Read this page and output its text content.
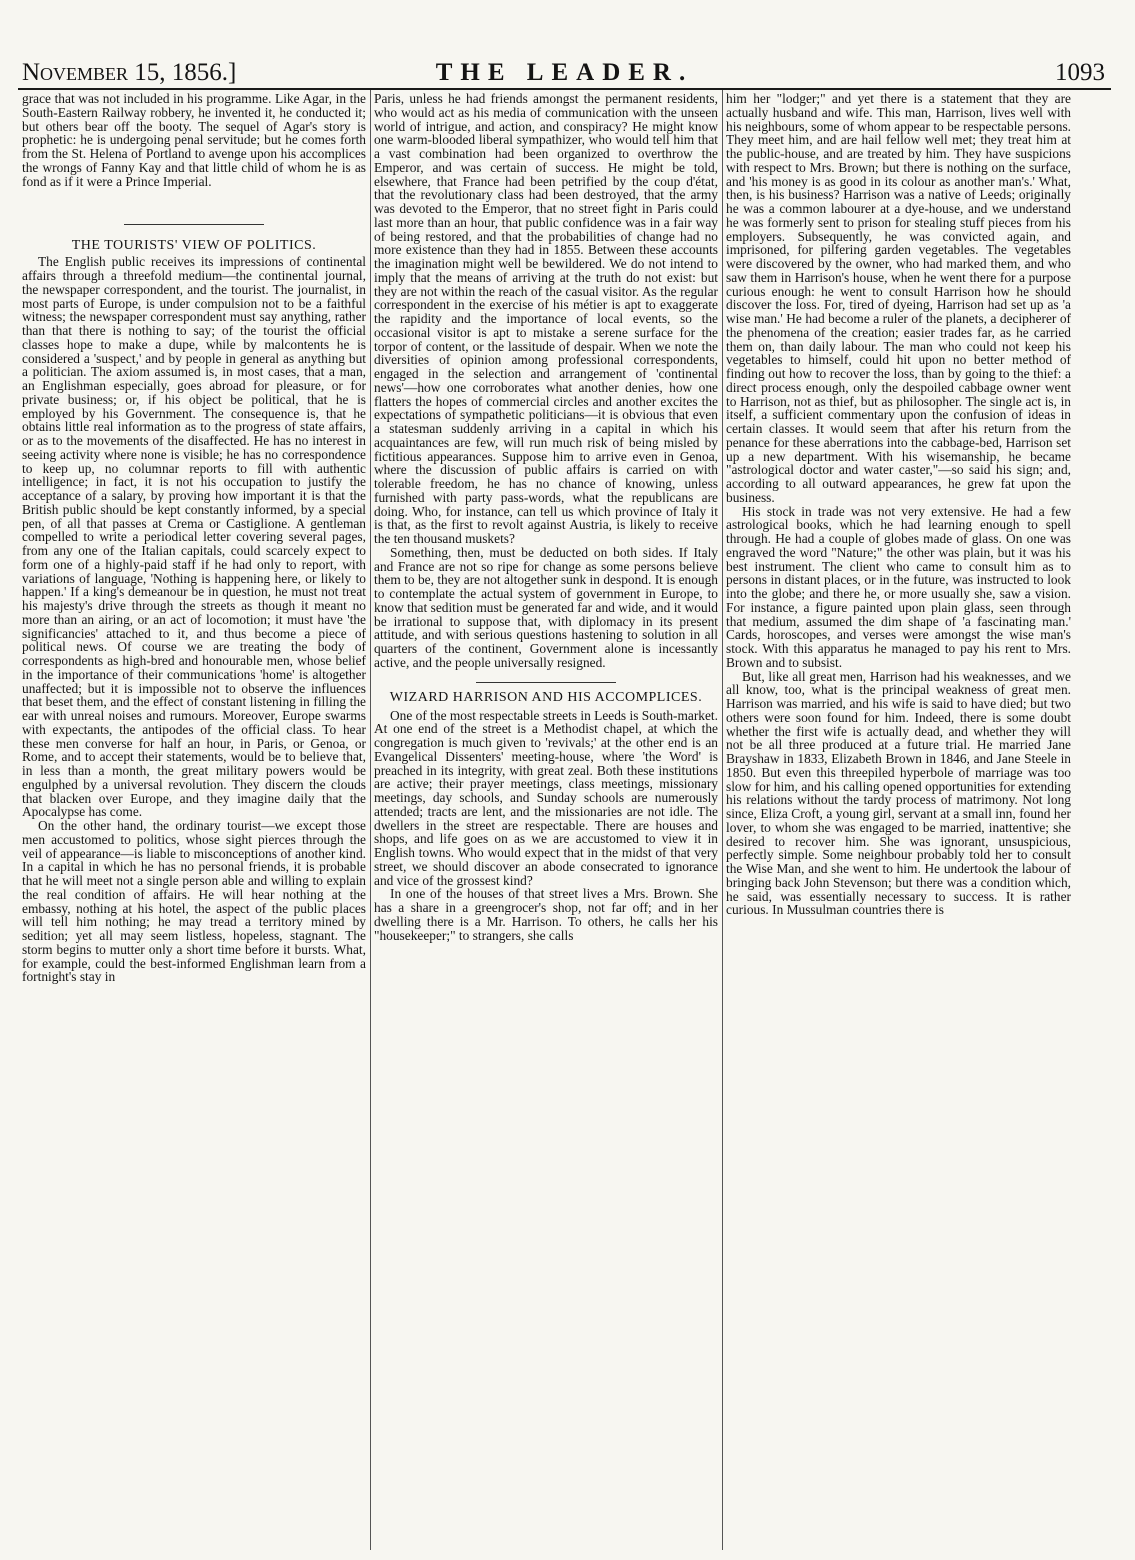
November 15, 1856.]	THE LEADER.	1093

grace that was not included in his programme. Like Agar, in the South-Eastern Railway robbery, he invented it, he conducted it; but others bear off the booty. The sequel of Agar's story is prophetic: he is undergoing penal servitude; but he comes forth from the St. Helena of Portland to avenge upon his accomplices the wrongs of Fanny Kay and that little child of whom he is as fond as if it were a Prince Imperial.

THE TOURISTS' VIEW OF POLITICS.

The English public receives its impressions of continental affairs through a threefold medium—the continental journal, the newspaper correspondent, and the tourist. The journalist, in most parts of Europe, is under compulsion not to be a faithful witness; the newspaper correspondent must say anything, rather than that there is nothing to say; of the tourist the official classes hope to make a dupe, while by malcontents he is considered a 'suspect,' and by people in general as anything but a politician. The axiom assumed is, in most cases, that a man, an Englishman especially, goes abroad for pleasure, or for private business; or, if his object be political, that he is employed by his Government. The consequence is, that he obtains little real information as to the progress of state affairs, or as to the movements of the disaffected. He has no interest in seeing activity where none is visible; he has no correspondence to keep up, no columnar reports to fill with authentic intelligence; in fact, it is not his occupation to justify the acceptance of a salary, by proving how important it is that the British public should be kept constantly informed, by a special pen, of all that passes at Crema or Castiglione. A gentleman compelled to write a periodical letter covering several pages, from any one of the Italian capitals, could scarcely expect to form one of a highly-paid staff if he had only to report, with variations of language, 'Nothing is happening here, or likely to happen.' If a king's demeanour be in question, he must not treat his majesty's drive through the streets as though it meant no more than an airing, or an act of locomotion; it must have 'the significancies' attached to it, and thus become a piece of political news. Of course we are treating the body of correspondents as high-bred and honourable men, whose belief in the importance of their communications 'home' is altogether unaffected; but it is impossible not to observe the influences that beset them, and the effect of constant listening in filling the ear with unreal noises and rumours. Moreover, Europe swarms with expectants, the antipodes of the official class. To hear these men converse for half an hour, in Paris, or Genoa, or Rome, and to accept their statements, would be to believe that, in less than a month, the great military powers would be engulphed by a universal revolution. They discern the clouds that blacken over Europe, and they imagine daily that the Apocalypse has come.

On the other hand, the ordinary tourist—we except those men accustomed to politics, whose sight pierces through the veil of appearance—is liable to misconceptions of another kind. In a capital in which he has no personal friends, it is probable that he will meet not a single person able and willing to explain the real condition of affairs. He will hear nothing at the embassy, nothing at his hotel, the aspect of the public places will tell him nothing; he may tread a territory mined by sedition; yet all may seem listless, hopeless, stagnant. The storm begins to mutter only a short time before it bursts. What, for example, could the best-informed Englishman learn from a fortnight's stay in

Paris, unless he had friends amongst the permanent residents, who would act as his media of communication with the unseen world of intrigue, and action, and conspiracy? He might know one warm-blooded liberal sympathizer, who would tell him that a vast combination had been organized to overthrow the Emperor, and was certain of success. He might be told, elsewhere, that France had been petrified by the coup d'état, that the revolutionary class had been destroyed, that the army was devoted to the Emperor, that no street fight in Paris could last more than an hour, that public confidence was in a fair way of being restored, and that the probabilities of change had no more existence than they had in 1855. Between these accounts the imagination might well be bewildered. We do not intend to imply that the means of arriving at the truth do not exist: but they are not within the reach of the casual visitor. As the regular correspondent in the exercise of his métier is apt to exaggerate the rapidity and the importance of local events, so the occasional visitor is apt to mistake a serene surface for the torpor of content, or the lassitude of despair. When we note the diversities of opinion among professional correspondents, engaged in the selection and arrangement of 'continental news'—how one corroborates what another denies, how one flatters the hopes of commercial circles and another excites the expectations of sympathetic politicians—it is obvious that even a statesman suddenly arriving in a capital in which his acquaintances are few, will run much risk of being misled by fictitious appearances. Suppose him to arrive even in Genoa, where the discussion of public affairs is carried on with tolerable freedom, he has no chance of knowing, unless furnished with party pass-words, what the republicans are doing. Who, for instance, can tell us which province of Italy it is that, as the first to revolt against Austria, is likely to receive the ten thousand muskets?

Something, then, must be deducted on both sides. If Italy and France are not so ripe for change as some persons believe them to be, they are not altogether sunk in despond. It is enough to contemplate the actual system of government in Europe, to know that sedition must be generated far and wide, and it would be irrational to suppose that, with diplomacy in its present attitude, and with serious questions hastening to solution in all quarters of the continent, Government alone is incessantly active, and the people universally resigned.

WIZARD HARRISON AND HIS ACCOMPLICES.

One of the most respectable streets in Leeds is South-market. At one end of the street is a Methodist chapel, at which the congregation is much given to 'revivals;' at the other end is an Evangelical Dissenters' meeting-house, where 'the Word' is preached in its integrity, with great zeal. Both these institutions are active; their prayer meetings, class meetings, missionary meetings, day schools, and Sunday schools are numerously attended; tracts are lent, and the missionaries are not idle. The dwellers in the street are respectable. There are houses and shops, and life goes on as we are accustomed to view it in English towns. Who would expect that in the midst of that very street, we should discover an abode consecrated to ignorance and vice of the grossest kind?

In one of the houses of that street lives a Mrs. Brown. She has a share in a greengrocer's shop, not far off; and in her dwelling there is a Mr. Harrison. To others, he calls her his "housekeeper;" to strangers, she calls

him her "lodger;" and yet there is a statement that they are actually husband and wife. This man, Harrison, lives well with his neighbours, some of whom appear to be respectable persons. They meet him, and are hail fellow well met; they treat him at the public-house, and are treated by him. They have suspicions with respect to Mrs. Brown; but there is nothing on the surface, and 'his money is as good in its colour as another man's.' What, then, is his business? Harrison was a native of Leeds; originally he was a common labourer at a dye-house, and we understand he was formerly sent to prison for stealing stuff pieces from his employers. Subsequently, he was convicted again, and imprisoned, for pilfering garden vegetables. The vegetables were discovered by the owner, who had marked them, and who saw them in Harrison's house, when he went there for a purpose curious enough: he went to consult Harrison how he should discover the loss. For, tired of dyeing, Harrison had set up as 'a wise man.' He had become a ruler of the planets, a decipherer of the phenomena of the creation; easier trades far, as he carried them on, than daily labour. The man who could not keep his vegetables to himself, could hit upon no better method of finding out how to recover the loss, than by going to the thief: a direct process enough, only the despoiled cabbage owner went to Harrison, not as thief, but as philosopher. The single act is, in itself, a sufficient commentary upon the confusion of ideas in certain classes. It would seem that after his return from the penance for these aberrations into the cabbage-bed, Harrison set up a new department. With his wisemanship, he became "astrological doctor and water caster,"—so said his sign; and, according to all outward appearances, he grew fat upon the business.

His stock in trade was not very extensive. He had a few astrological books, which he had learning enough to spell through. He had a couple of globes made of glass. On one was engraved the word "Nature;" the other was plain, but it was his best instrument. The client who came to consult him as to persons in distant places, or in the future, was instructed to look into the globe; and there he, or more usually she, saw a vision. For instance, a figure painted upon plain glass, seen through that medium, assumed the dim shape of 'a fascinating man.' Cards, horoscopes, and verses were amongst the wise man's stock. With this apparatus he managed to pay his rent to Mrs. Brown and to subsist.

But, like all great men, Harrison had his weaknesses, and we all know, too, what is the principal weakness of great men. Harrison was married, and his wife is said to have died; but two others were soon found for him. Indeed, there is some doubt whether the first wife is actually dead, and whether they will not be all three produced at a future trial. He married Jane Brayshaw in 1833, Elizabeth Brown in 1846, and Jane Steele in 1850. But even this threepiled hyperbole of marriage was too slow for him, and his calling opened opportunities for extending his relations without the tardy process of matrimony. Not long since, Eliza Croft, a young girl, servant at a small inn, found her lover, to whom she was engaged to be married, inattentive; she desired to recover him. She was ignorant, unsuspicious, perfectly simple. Some neighbour probably told her to consult the Wise Man, and she went to him. He undertook the labour of bringing back John Stevenson; but there was a condition which, he said, was essentially necessary to success. It is rather curious. In Mussulman countries there is
